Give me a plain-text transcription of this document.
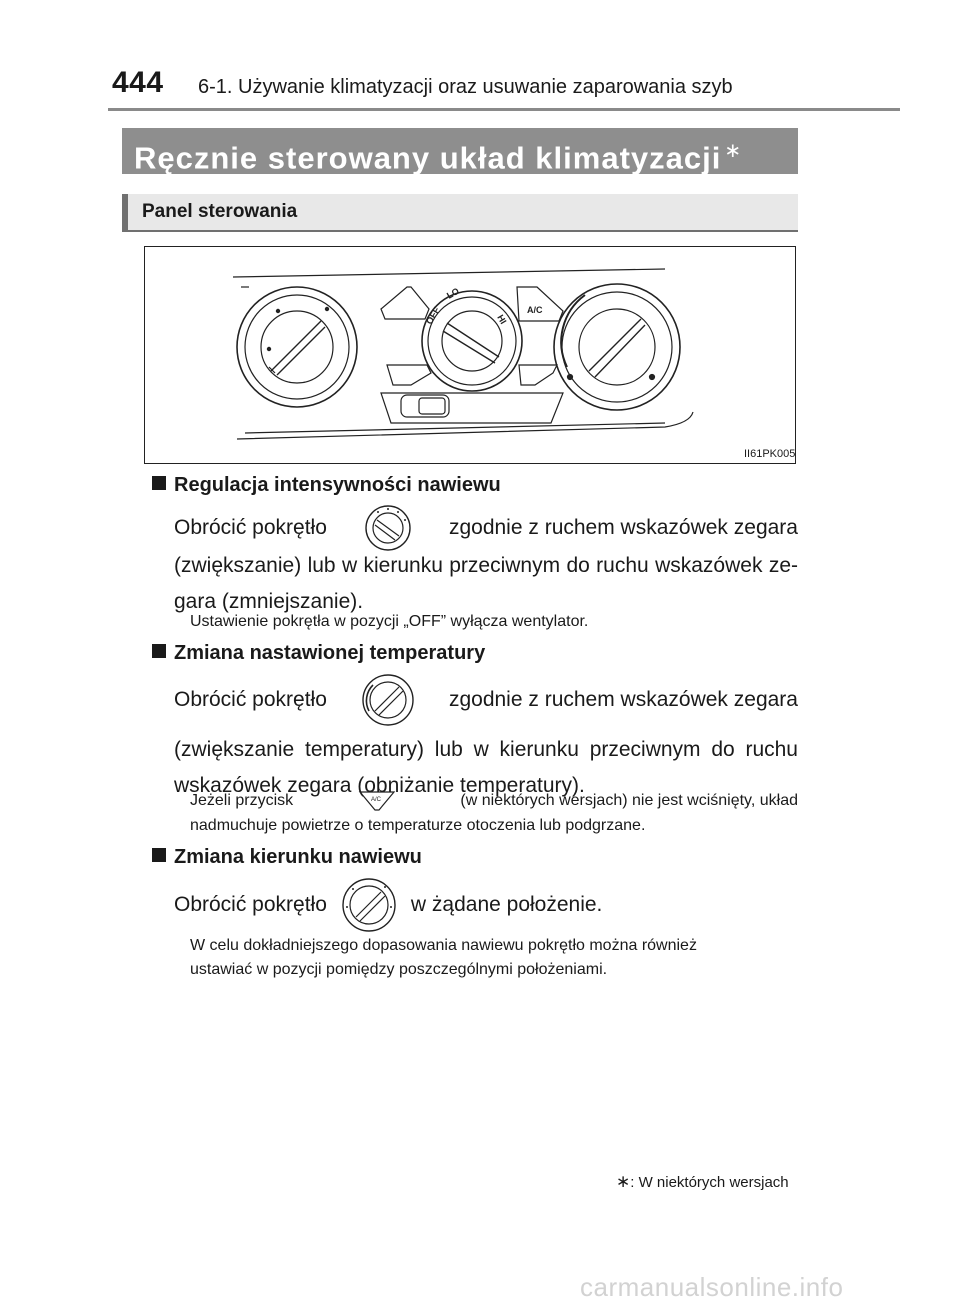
444 6-1. Używanie klimatyzacji oraz usuwanie zaparowania szyb
Ręcznie sterowany układ klimatyzacji ∗
Panel sterowania
OFF
LO
HI
A/C
II61PK005
Regulacja intensywności nawiewu
Obrócić pokrętło	zgodnie z ruchem wskazówek zegara
(zwiększanie) lub w kierunku przeciwnym do ruchu wskazówek ze-
gara (zmniejszanie).
Ustawienie pokrętła w pozycji „OFF” wyłącza wentylator.
Zmiana nastawionej temperatury
Obrócić pokrętło	zgodnie z ruchem wskazówek zegara
(zwiększanie temperatury) lub w kierunku przeciwnym do ruchu
wskazówek zegara (obniżanie temperatury).
Jeżeli przycisk	A/C	(w niektórych wersjach) nie jest wciśnięty, układ
nadmuchuje powietrze o temperaturze otoczenia lub podgrzane.
Zmiana kierunku nawiewu
Obrócić pokrętło	w żądane położenie.
W celu dokładniejszego dopasowania nawiewu pokrętło można również
ustawiać w pozycji pomiędzy poszczególnymi położeniami.
∗: W niektórych wersjach
carmanualsonline.info
